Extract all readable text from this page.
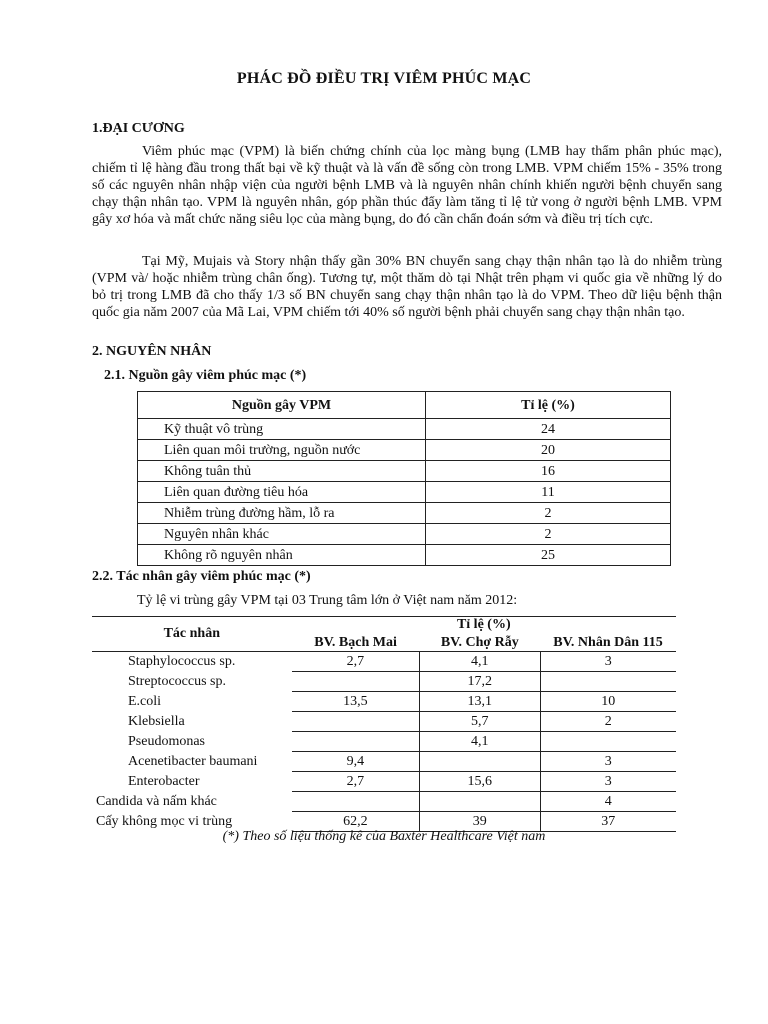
PHÁC ĐỒ ĐIỀU TRỊ VIÊM PHÚC MẠC
1.ĐẠI CƯƠNG

Viêm phúc mạc (VPM) là biến chứng chính của lọc màng bụng (LMB hay thẩm phân phúc mạc), chiếm tỉ lệ hàng đầu trong thất bại về kỹ thuật và là vấn đề sống còn trong LMB. VPM chiếm 15% - 35% trong số các nguyên nhân nhập viện của người bệnh LMB và là nguyên nhân chính khiến người bệnh chuyển sang chạy thận nhân tạo. VPM là nguyên nhân, góp phần thúc đẩy làm tăng tỉ lệ tử vong ở người bệnh LMB. VPM gây xơ hóa và mất chức năng siêu lọc của màng bụng, do đó cần chẩn đoán sớm và điều trị tích cực.

Tại Mỹ, Mujais và Story nhận thấy gần 30% BN chuyển sang chạy thận nhân tạo là do nhiễm trùng (VPM và/ hoặc nhiễm trùng chân ống). Tương tự, một thăm dò tại Nhật trên phạm vi quốc gia về những lý do bỏ trị trong LMB đã cho thấy 1/3 số BN chuyển sang chạy thận nhân tạo là do VPM. Theo dữ liệu bệnh thận quốc gia năm 2007 của Mã Lai, VPM chiếm tới 40% số người bệnh phải chuyển sang chạy thận nhân tạo.

2. NGUYÊN NHÂN
2.1. Nguồn gây viêm phúc mạc (*)
Nguồn gây VPM	Tỉ lệ (%)
Kỹ thuật vô trùng	24
Liên quan môi trường, nguồn nước	20
Không tuân thủ	16
Liên quan đường tiêu hóa	11
Nhiễm trùng đường hầm, lỗ ra	2
Nguyên nhân khác	2
Không rõ nguyên nhân	25
2.2. Tác nhân gây viêm phúc mạc (*)
Tỷ lệ vi trùng gây VPM tại 03 Trung tâm lớn ở Việt nam năm 2012:
Tác nhân	Tỉ lệ (%)		
	BV. Bạch Mai	BV. Chợ Rẫy	BV. Nhân Dân 115
Staphylococcus sp.	2,7	4,1	3
Streptococcus sp.		17,2	
E.coli	13,5	13,1	10
Klebsiella		5,7	2
Pseudomonas		4,1	
Acenetibacter baumani	9,4		3
Enterobacter	2,7	15,6	3
Candida và nấm khác			4
Cấy không mọc vi trùng	62,2	39	37
(*) Theo số liệu thống kê của Baxter Healthcare Việt nam
